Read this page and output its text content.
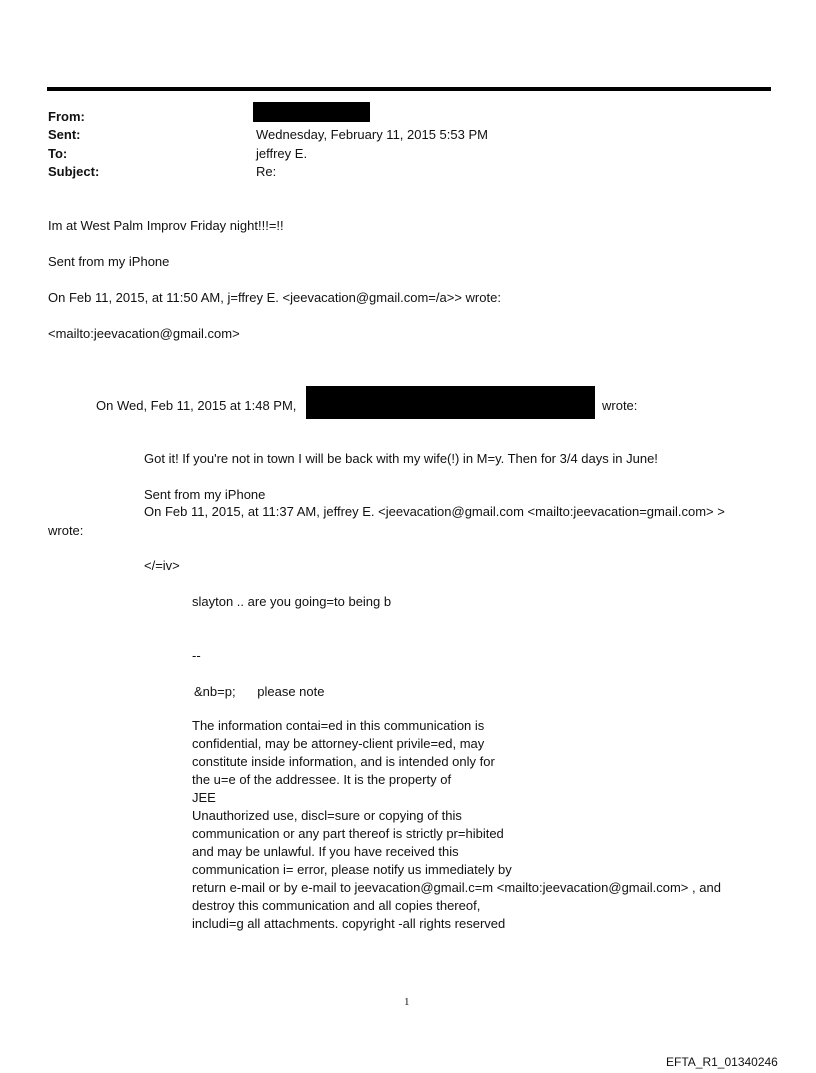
From:
Sent:	Wednesday, February 11, 2015 5:53 PM
To:	jeffrey E.
Subject:	Re:
Im at West Palm Improv Friday night!!!=!!
Sent from my iPhone
On Feb 11, 2015, at 11:50 AM, j=ffrey E. <jeevacation@gmail.com=/a>> wrote:
<mailto:jeevacation@gmail.com>
On Wed, Feb 11, 2015 at 1:48 PM,	wrote:
Got it! If you're not in town I will be back with my wife(!) in M=y. Then for 3/4 days in June!
Sent from my iPhone
On Feb 11, 2015, at 11:37 AM, jeffrey E. <jeevacation@gmail.com <mailto:jeevacation=gmail.com> >
wrote:
</=iv>
slayton .. are you going=to being b
--
&nb=p;      please note
The information contai=ed in this communication is
confidential, may be attorney-client privile=ed, may
constitute inside information, and is intended only for
the u=e of the addressee. It is the property of
JEE
Unauthorized use, discl=sure or copying of this
communication or any part thereof is strictly pr=hibited
and may be unlawful. If you have received this
communication i= error, please notify us immediately by
return e-mail or by e-mail to jeevacation@gmail.c=m <mailto:jeevacation@gmail.com> , and
destroy this communication and all copies thereof,
includi=g all attachments. copyright -all rights reserved
1
EFTA_R1_01340246
